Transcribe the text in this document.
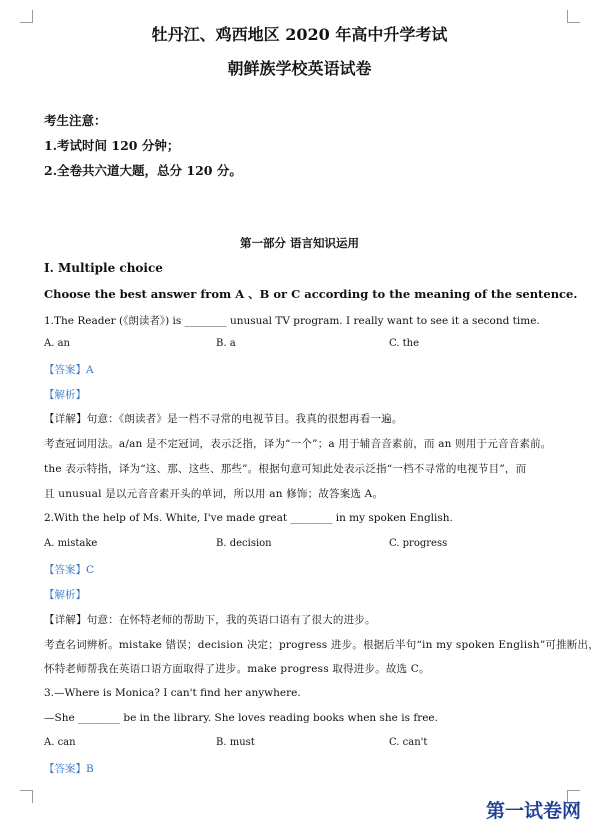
牡丹江、鸡西地区 2020 年高中升学考试
朝鲜族学校英语试卷
考生注意：
1.考试时间 120 分钟；
2.全卷共六道大题，总分 120 分。
第一部分 语言知识运用
I. Multiple choice
Choose the best answer from A 、B or C according to the meaning of the sentence.
1.The Reader (《朗读者》) is ________ unusual TV program. I really want to see it a second time.
A. an	B. a	C. the
【答案】A
【解析】
【详解】句意：《朗读者》是一档不寻常的电视节目。我真的很想再看一遍。
考查冠词用法。a/an 是不定冠词，表示泛指，译为“一个”；a 用于辅音音素前，而 an 则用于元音音素前。
the 表示特指，译为“这、那、这些、那些”。根据句意可知此处表示泛指“一档不寻常的电视节目”，而
且 unusual 是以元音音素开头的单词，所以用 an 修饰；故答案选 A。
2.With the help of Ms. White, I've made great ________ in my spoken English.
A. mistake	B. decision	C. progress
【答案】C
【解析】
【详解】句意：在怀特老师的帮助下，我的英语口语有了很大的进步。
考查名词辨析。mistake 错误；decision 决定；progress 进步。根据后半句“in my spoken English”可推断出，
怀特老师帮我在英语口语方面取得了进步。make progress 取得进步。故选 C。
3.—Where is Monica? I can't find her anywhere.
—She ________ be in the library. She loves reading books when she is free.
A. can	B. must	C. can't
【答案】B
第一试卷网
